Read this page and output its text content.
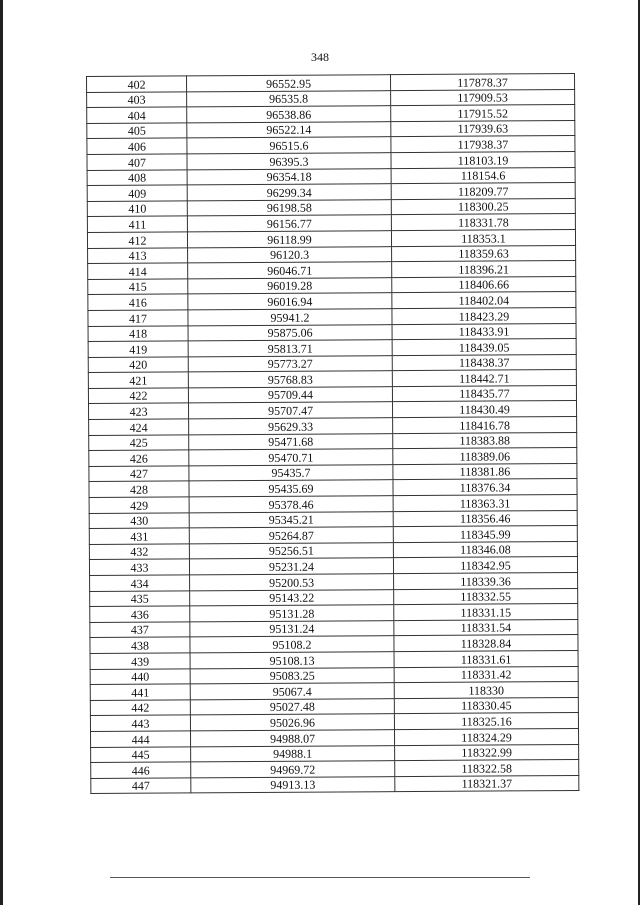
348
402	96552.95	117878.37
403	96535.8	117909.53
404	96538.86	117915.52
405	96522.14	117939.63
406	96515.6	117938.37
407	96395.3	118103.19
408	96354.18	118154.6
409	96299.34	118209.77
410	96198.58	118300.25
411	96156.77	118331.78
412	96118.99	118353.1
413	96120.3	118359.63
414	96046.71	118396.21
415	96019.28	118406.66
416	96016.94	118402.04
417	95941.2	118423.29
418	95875.06	118433.91
419	95813.71	118439.05
420	95773.27	118438.37
421	95768.83	118442.71
422	95709.44	118435.77
423	95707.47	118430.49
424	95629.33	118416.78
425	95471.68	118383.88
426	95470.71	118389.06
427	95435.7	118381.86
428	95435.69	118376.34
429	95378.46	118363.31
430	95345.21	118356.46
431	95264.87	118345.99
432	95256.51	118346.08
433	95231.24	118342.95
434	95200.53	118339.36
435	95143.22	118332.55
436	95131.28	118331.15
437	95131.24	118331.54
438	95108.2	118328.84
439	95108.13	118331.61
440	95083.25	118331.42
441	95067.4	118330
442	95027.48	118330.45
443	95026.96	118325.16
444	94988.07	118324.29
445	94988.1	118322.99
446	94969.72	118322.58
447	94913.13	118321.37
